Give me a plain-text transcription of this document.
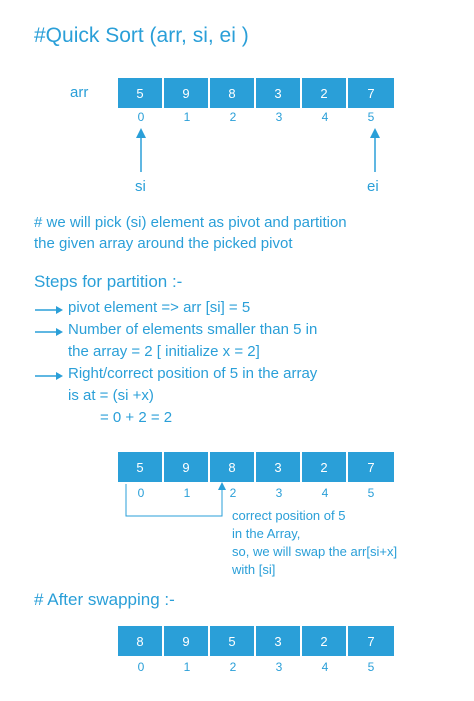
#Quick Sort (arr, si, ei )
arr	5	9	8	3	2	7
0	1	2	3	4	5
si	ei
# we will pick (si) element as pivot and partition
the given array around the picked pivot
Steps for partition :-
pivot element => arr [si] = 5
Number of elements smaller than 5 in
the array = 2 [ initialize x = 2]
Right/correct position of 5 in the array
is at = (si +x)
= 0 + 2 = 2
5	9	8	3	2	7
0	1	2	3	4	5
correct position of 5
in the Array,
so, we will swap the arr[si+x]
with [si]
# After swapping :-
8	9	5	3	2	7
0	1	2	3	4	5
